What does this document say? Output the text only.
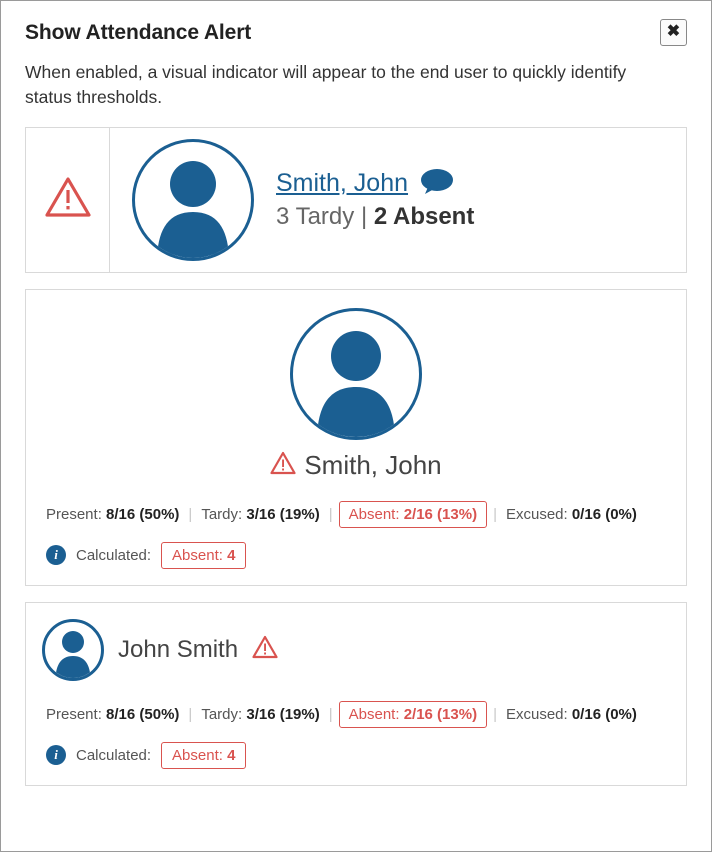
Show Attendance Alert	✖

When enabled, a visual indicator will appear to the end user to quickly identify status thresholds.

Smith, John
3 Tardy | 2 Absent
Smith, John
Present: 8/16 (50%) | Tardy: 3/16 (19%) |	Absent: 2/16 (13%)	| Excused: 0/16 (0%)
i	Calculated:	Absent: 4
John Smith
Present: 8/16 (50%) | Tardy: 3/16 (19%) |	Absent: 2/16 (13%)	| Excused: 0/16 (0%)
i	Calculated:	Absent: 4
